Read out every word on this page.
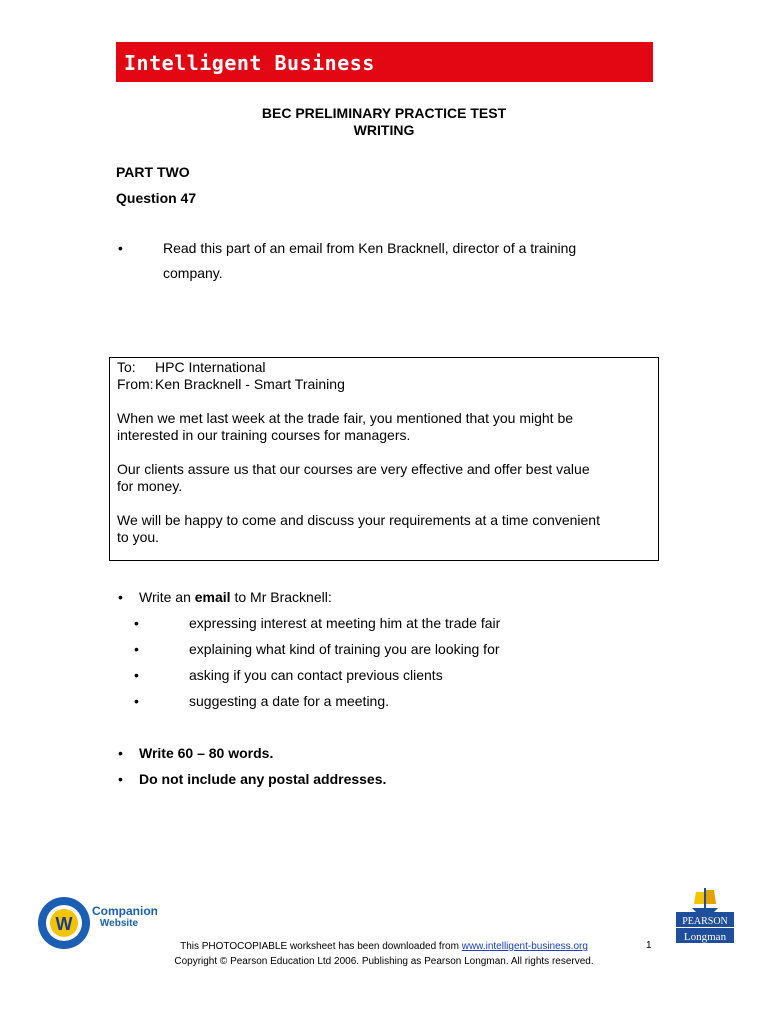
Intelligent Business
BEC PRELIMINARY PRACTICE TEST
WRITING
PART TWO
Question 47
•	Read this part of an email from Ken Bracknell, director of a training
company.
To:	HPC International
From: Ken Bracknell - Smart Training

When we met last week at the trade fair, you mentioned that you might be

interested in our training courses for managers.

Our clients assure us that our courses are very effective and offer best value

for money.

We will be happy to come and discuss your requirements at a time convenient

to you.

• Write an email to Mr Bracknell:
•	expressing interest at meeting him at the trade fair
•	explaining what kind of training you are looking for
•	asking if you can contact previous clients
•	suggesting a date for a meeting.
• Write 60 – 80 words.
• Do not include any postal addresses.
W
Companion
Website
This PHOTOCOPIABLE worksheet has been downloaded from www.intelligent-business.org	1
Copyright © Pearson Education Ltd 2006. Publishing as Pearson Longman. All rights reserved.
PEARSON
Longman
